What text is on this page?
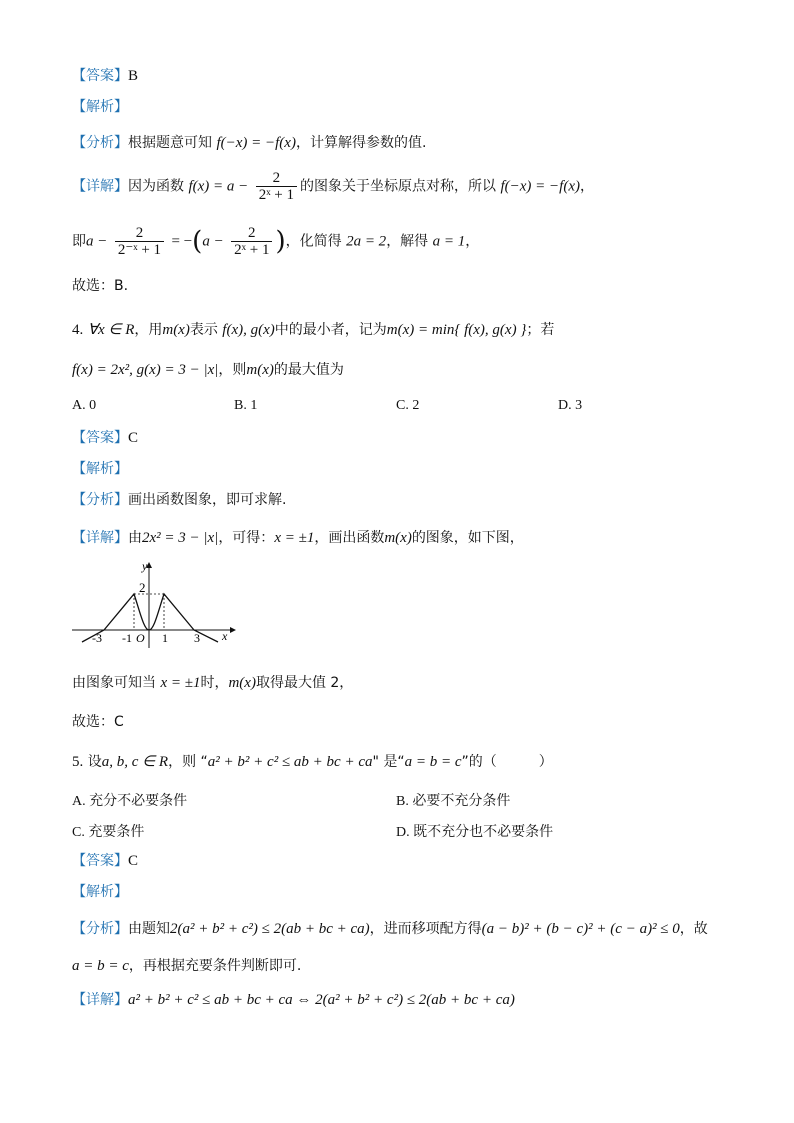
【答案】B
【解析】
【分析】根据题意可知 f(−x) = −f(x)，计算解得参数的值.
【详解】因为函数 $f(x) = a - \frac{2}{\text{2ˣ + 1}}$ 的图象关于坐标原点对称，所以 f(−x) = −f(x)，
即$a - \frac{2}{\text{2⁻ˣ + 1}} = -(a - \frac{2}{\text{2ˣ + 1}}$ )，化简得 2a = 2，解得 a = 1，
故选：B.
4. ∀x ∈ R，用m(x)表示 f(x), g(x)中的最小者，记为m(x) = min{ f(x), g(x) }；若
f(x) = 2x², g(x) = 3 − |x|，则m(x)的最大值为
A. 0	B. 1	C. 2	D. 3
【答案】C
【解析】
【分析】画出函数图象，即可求解.
【详解】由2x² = 3 − |x|，可得：x = ±1，画出函数m(x)的图象，如下图，
y
x
2
-3 -1 O 1 3
由图象可知当 x = ±1时，m(x)取得最大值 2，
故选：C
5. 设a, b, c ∈ R，则 “a² + b² + c² ≤ ab + bc + ca" 是“a = b = c”的（　　　）
A. 充分不必要条件	B. 必要不充分条件
C. 充要条件	D. 既不充分也不必要条件
【答案】C
【解析】
【分析】由题知2(a² + b² + c²) ≤ 2(ab + bc + ca)，进而移项配方得(a − b)² + (b − c)² + (c − a)² ≤ 0，故
a = b = c，再根据充要条件判断即可.
【详解】a² + b² + c² ≤ ab + bc + ca ⇔ 2(a² + b² + c²) ≤ 2(ab + bc + ca)
